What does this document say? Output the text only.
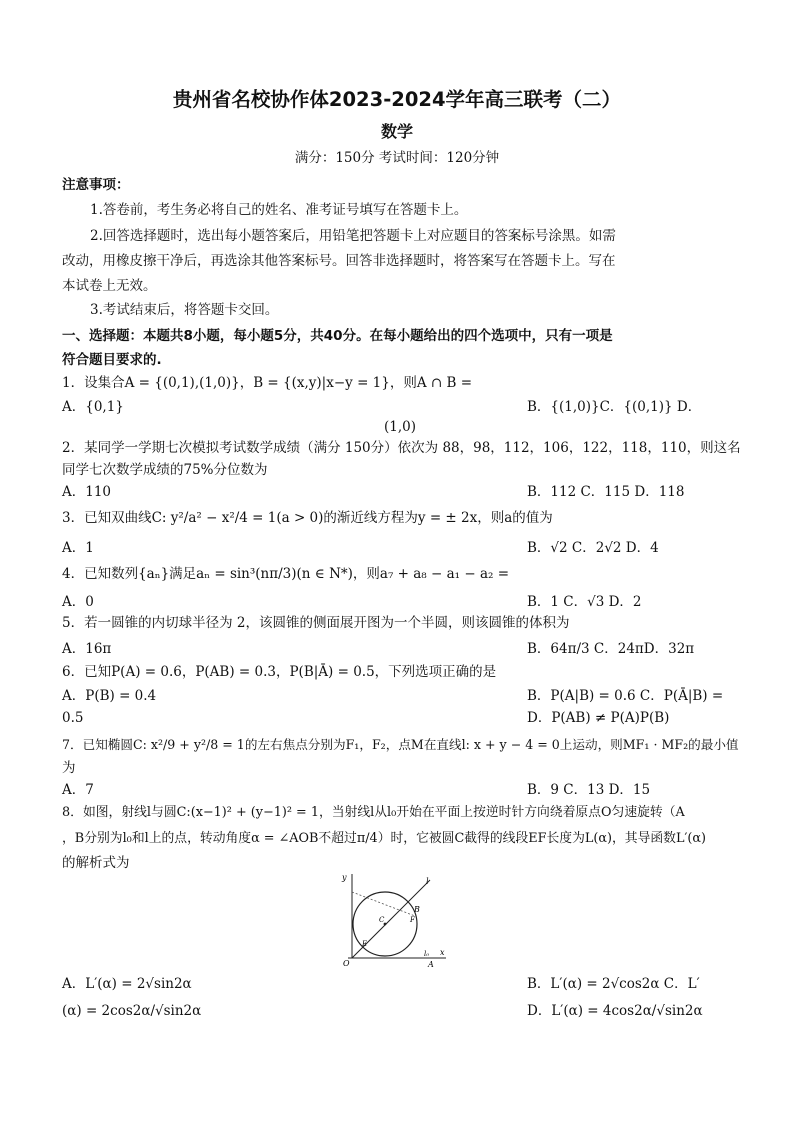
贵州省名校协作体2023-2024学年高三联考（二）
数学
满分：150分 考试时间：120分钟
注意事项：
1.答卷前，考生务必将自己的姓名、准考证号填写在答题卡上。
2.回答选择题时，选出每小题答案后，用铅笔把答题卡上对应题目的答案标号涂黑。如需
改动，用橡皮擦干净后，再选涂其他答案标号。回答非选择题时，将答案写在答题卡上。写在
本试卷上无效。
3.考试结束后，将答题卡交回。
一、选择题：本题共8小题，每小题5分，共40分。在每小题给出的四个选项中，只有一项是
符合题目要求的.
1．设集合A = {(0,1),(1,0)}，B = {(x,y)|x−y = 1}，则A ∩ B =
A．{0,1}	B．{(1,0)}C．{(0,1)} D．
(1,0)
2．某同学一学期七次模拟考试数学成绩（满分 150分）依次为 88，98，112，106，122，118，110，则这名
同学七次数学成绩的75%分位数为
A．110	B．112 C．115 D．118
3．已知双曲线C: y²/a² − x²/4 = 1(a > 0)的渐近线方程为y = ± 2x，则a的值为
A．1	B．√2 C．2√2 D．4
4．已知数列{aₙ}满足aₙ = sin³(nπ/3)(n ∈ N*)，则a₇ + a₈ − a₁ − a₂ =
A．0	B．1 C．√3 D．2
5．若一圆锥的内切球半径为 2，该圆锥的侧面展开图为一个半圆，则该圆锥的体积为
A．16π	B．64π/3 C．24πD．32π
6．已知P(A) = 0.6，P(AB) = 0.3，P(B|Ā) = 0.5，下列选项正确的是
A．P(B) = 0.4	B．P(A|B) = 0.6 C．P(Ā|B) =
0.5	D．P(AB) ≠ P(A)P(B)
7．已知椭圆C: x²/9 + y²/8 = 1的左右焦点分别为F₁，F₂，点M在直线l: x + y − 4 = 0上运动，则MF₁ · MF₂的最小值
为
A．7	B．9 C．13 D．15
8．如图，射线l与圆C:(x−1)² + (y−1)² = 1，当射线l从l₀开始在平面上按逆时针方向绕着原点O匀速旋转（A
，B分别为l₀和l上的点，转动角度α = ∠AOB不超过π/4）时，它被圆C截得的线段EF长度为L(α)，其导函数L′(α)
的解析式为
y
x
O	A
B
l
C
E
F
l₀
A．L′(α) = 2√sin2α	B．L′(α) = 2√cos2α C．L′
(α) = 2cos2α/√sin2α	D．L′(α) = 4cos2α/√sin2α
